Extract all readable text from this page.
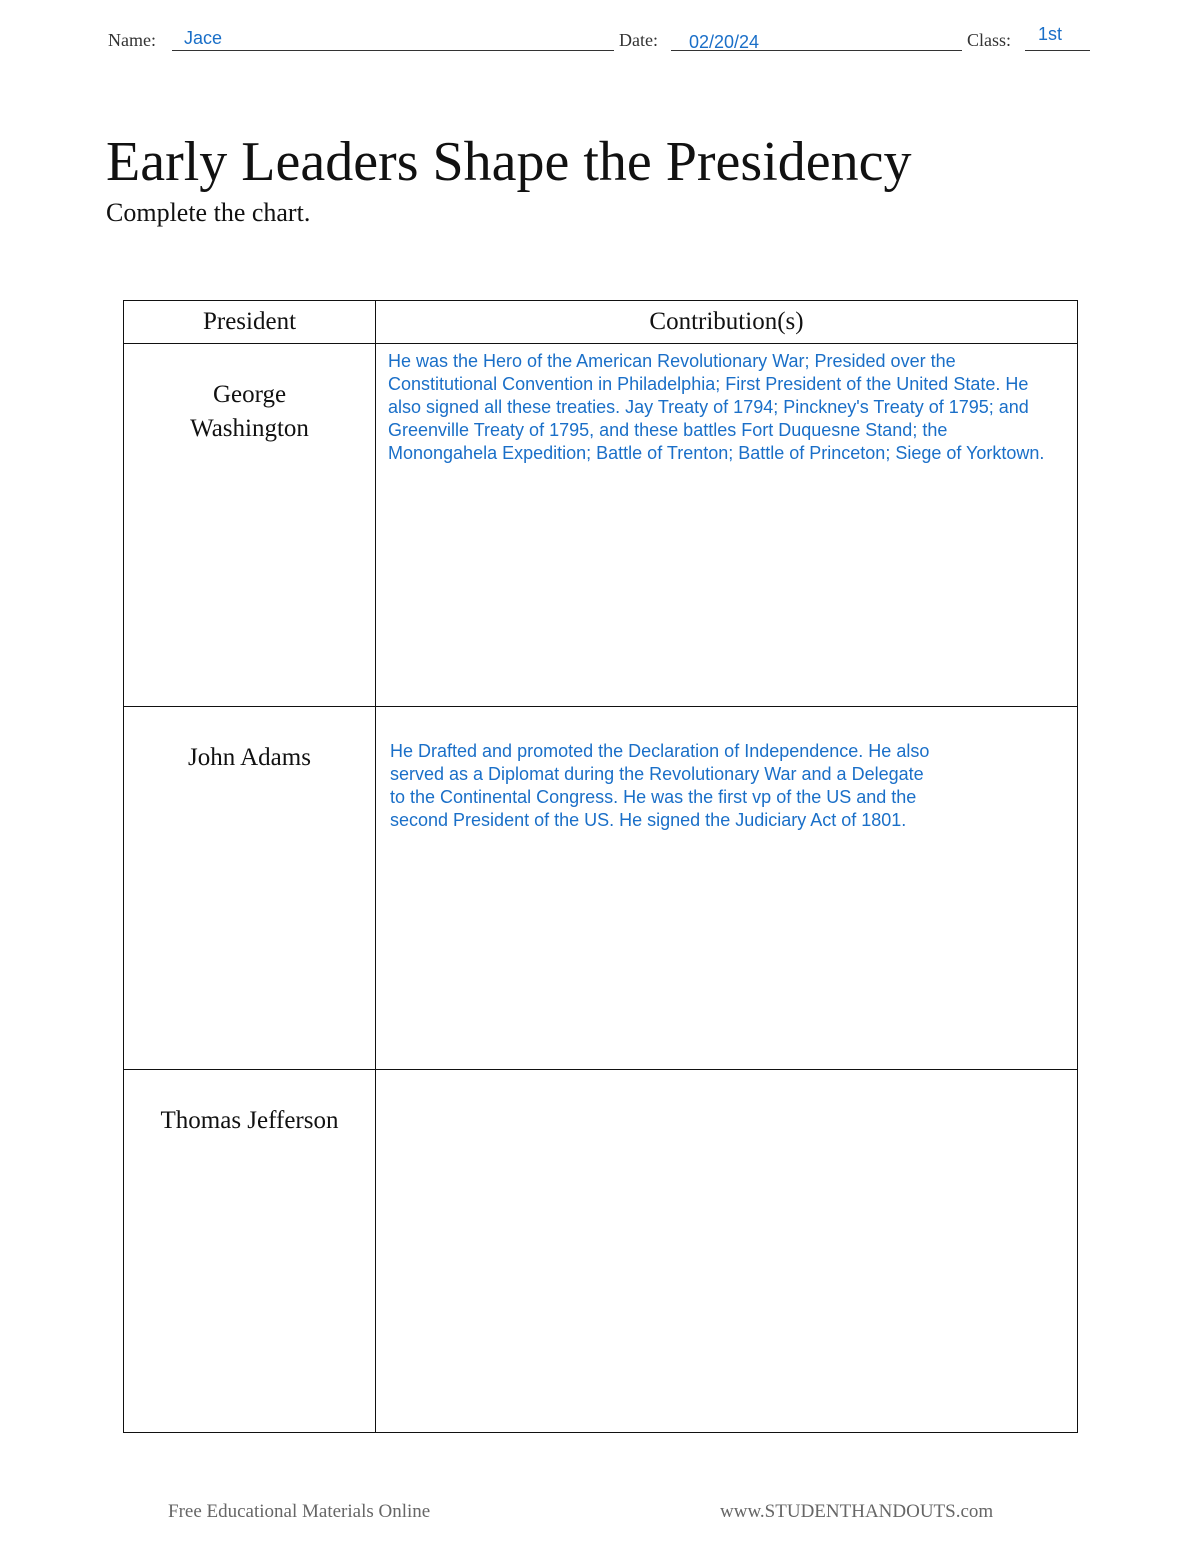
Name: Jace	Date: 02/20/24	Class: 1st
Early Leaders Shape the Presidency
Complete the chart.
President	Contribution(s)

George Washington	He was the Hero of the American Revolutionary War; Presided over the Constitutional Convention in Philadelphia; First President of the United State. He also signed all these treaties. Jay Treaty of 1794; Pinckney's Treaty of 1795; and Greenville Treaty of 1795, and these battles Fort Duquesne Stand; the Monongahela Expedition; Battle of Trenton; Battle of Princeton; Siege of Yorktown.

John Adams	He Drafted and promoted the Declaration of Independence. He also served as a Diplomat during the Revolutionary War and a Delegate to the Continental Congress. He was the first vp of the US and the second President of the US. He signed the Judiciary Act of 1801.

Thomas Jefferson	

Free Educational Materials Online	www.STUDENTHANDOUTS.com
